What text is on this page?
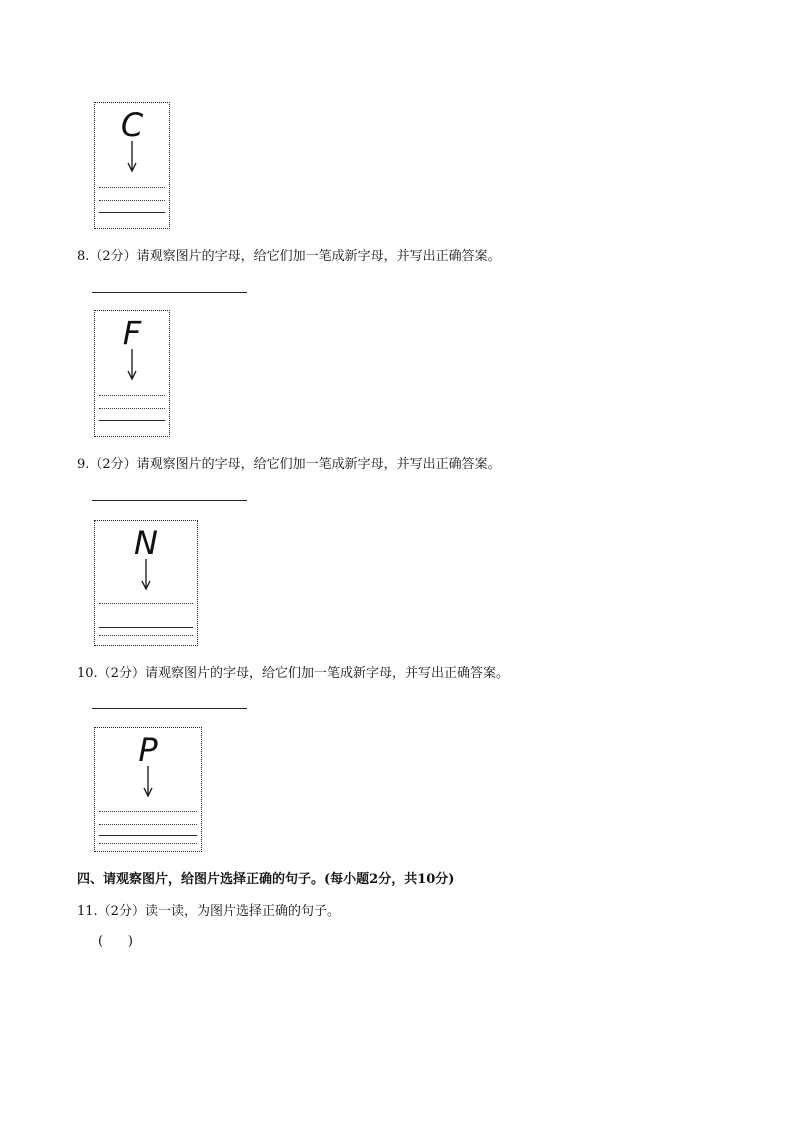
C
8.（2分）请观察图片的字母，给它们加一笔成新字母，并写出正确答案。
F
9.（2分）请观察图片的字母，给它们加一笔成新字母，并写出正确答案。
N
10.（2分）请观察图片的字母，给它们加一笔成新字母，并写出正确答案。
P
四、请观察图片，给图片选择正确的句子。(每小题2分，共10分)
11.（2分）读一读，为图片选择正确的句子。
(      )
